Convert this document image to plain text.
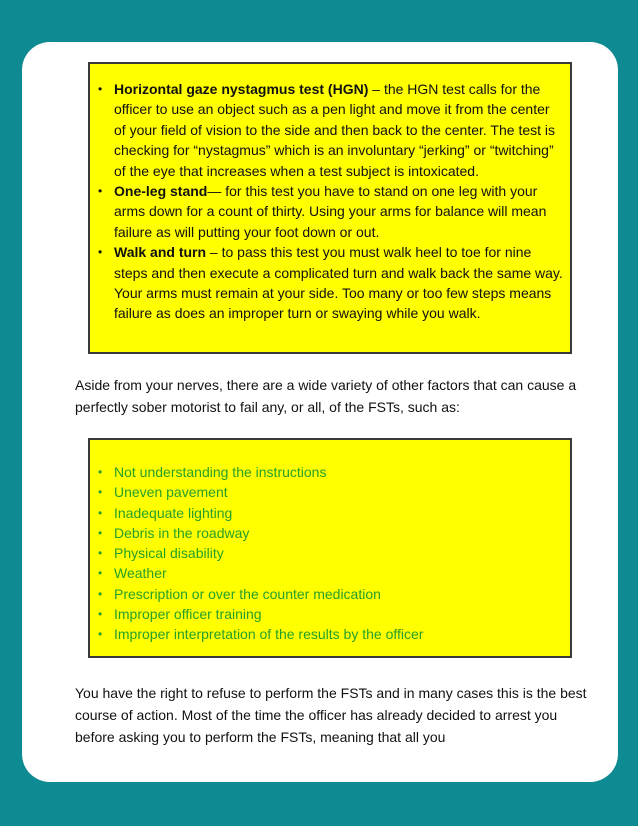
• Horizontal gaze nystagmus test (HGN) – the HGN test calls for the officer to use an object such as a pen light and move it from the center of your field of vision to the side and then back to the center. The test is checking for “nystagmus” which is an involuntary “jerking” or “twitching” of the eye that increases when a test subject is intoxicated.
• One-leg stand— for this test you have to stand on one leg with your arms down for a count of thirty. Using your arms for balance will mean failure as will putting your foot down or out.
• Walk and turn – to pass this test you must walk heel to toe for nine steps and then execute a complicated turn and walk back the same way. Your arms must remain at your side. Too many or too few steps means failure as does an improper turn or swaying while you walk.

Aside from your nerves, there are a wide variety of other factors that can cause a perfectly sober motorist to fail any, or all, of the FSTs, such as:

• Not understanding the instructions
• Uneven pavement
• Inadequate lighting
• Debris in the roadway
• Physical disability
• Weather
• Prescription or over the counter medication
• Improper officer training
• Improper interpretation of the results by the officer

You have the right to refuse to perform the FSTs and in many cases this is the best course of action. Most of the time the officer has already decided to arrest you before asking you to perform the FSTs, meaning that all you
